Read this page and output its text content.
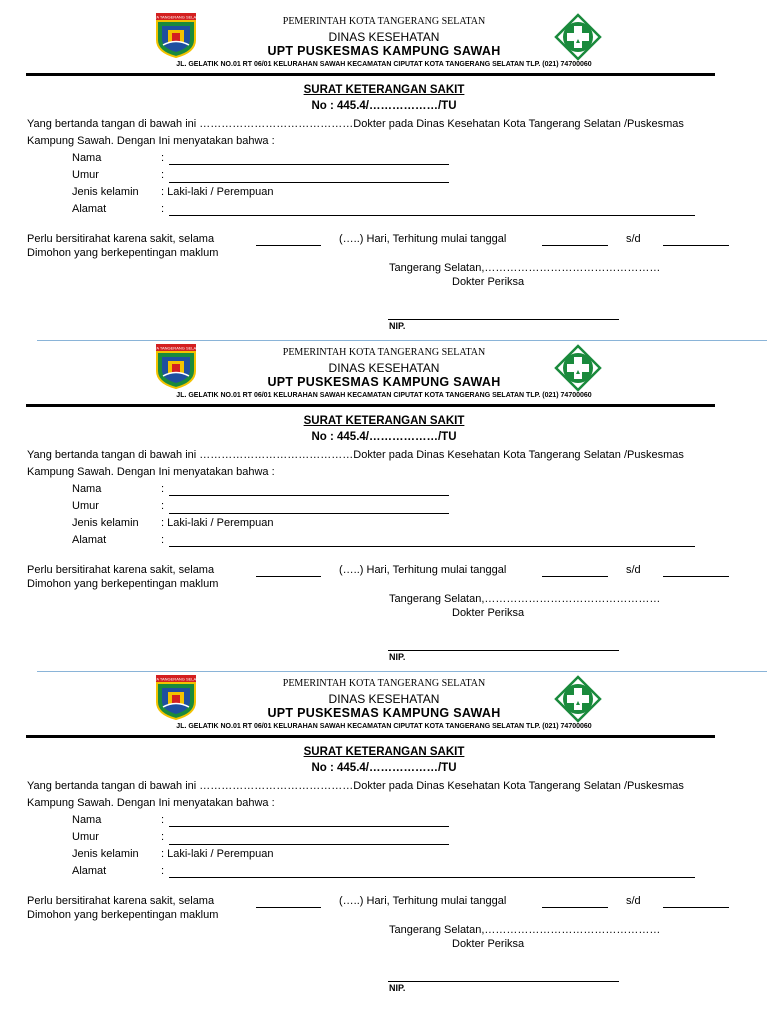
KOTA TANGERANG SELATAN	PEMERINTAH KOTA TANGERANG SELATAN
DINAS KESEHATAN
UPT PUSKESMAS KAMPUNG SAWAH
JL. GELATIK NO.01 RT 06/01 KELURAHAN SAWAH KECAMATAN CIPUTAT KOTA TANGERANG SELATAN TLP. (021) 74700060
SURAT KETERANGAN SAKIT
No : 445.4/………………/TU
Yang bertanda tangan di bawah ini ……………………………………Dokter pada Dinas Kesehatan Kota Tangerang Selatan /Puskesmas
Kampung Sawah. Dengan Ini menyatakan bahwa :
Nama	:
Umur	:
Jenis kelamin : Laki-laki / Perempuan
Alamat	:
Perlu bersitirahat karena sakit, selama	(…..) Hari, Terhitung mulai tanggal	s/d
Dimohon yang berkepentingan maklum
Tangerang Selatan,…………………………………………
Dokter Periksa
NIP.
KOTA TANGERANG SELATAN	PEMERINTAH KOTA TANGERANG SELATAN
DINAS KESEHATAN
UPT PUSKESMAS KAMPUNG SAWAH
JL. GELATIK NO.01 RT 06/01 KELURAHAN SAWAH KECAMATAN CIPUTAT KOTA TANGERANG SELATAN TLP. (021) 74700060
SURAT KETERANGAN SAKIT
No : 445.4/………………/TU
Yang bertanda tangan di bawah ini ……………………………………Dokter pada Dinas Kesehatan Kota Tangerang Selatan /Puskesmas
Kampung Sawah. Dengan Ini menyatakan bahwa :
Nama	:
Umur	:
Jenis kelamin : Laki-laki / Perempuan
Alamat	:
Perlu bersitirahat karena sakit, selama	(…..) Hari, Terhitung mulai tanggal	s/d
Dimohon yang berkepentingan maklum
Tangerang Selatan,…………………………………………
Dokter Periksa
NIP.
KOTA TANGERANG SELATAN	PEMERINTAH KOTA TANGERANG SELATAN
DINAS KESEHATAN
UPT PUSKESMAS KAMPUNG SAWAH
JL. GELATIK NO.01 RT 06/01 KELURAHAN SAWAH KECAMATAN CIPUTAT KOTA TANGERANG SELATAN TLP. (021) 74700060
SURAT KETERANGAN SAKIT
No : 445.4/………………/TU
Yang bertanda tangan di bawah ini ……………………………………Dokter pada Dinas Kesehatan Kota Tangerang Selatan /Puskesmas
Kampung Sawah. Dengan Ini menyatakan bahwa :
Nama	:
Umur	:
Jenis kelamin : Laki-laki / Perempuan
Alamat	:
Perlu bersitirahat karena sakit, selama	(…..) Hari, Terhitung mulai tanggal	s/d
Dimohon yang berkepentingan maklum
Tangerang Selatan,…………………………………………
Dokter Periksa
NIP.
